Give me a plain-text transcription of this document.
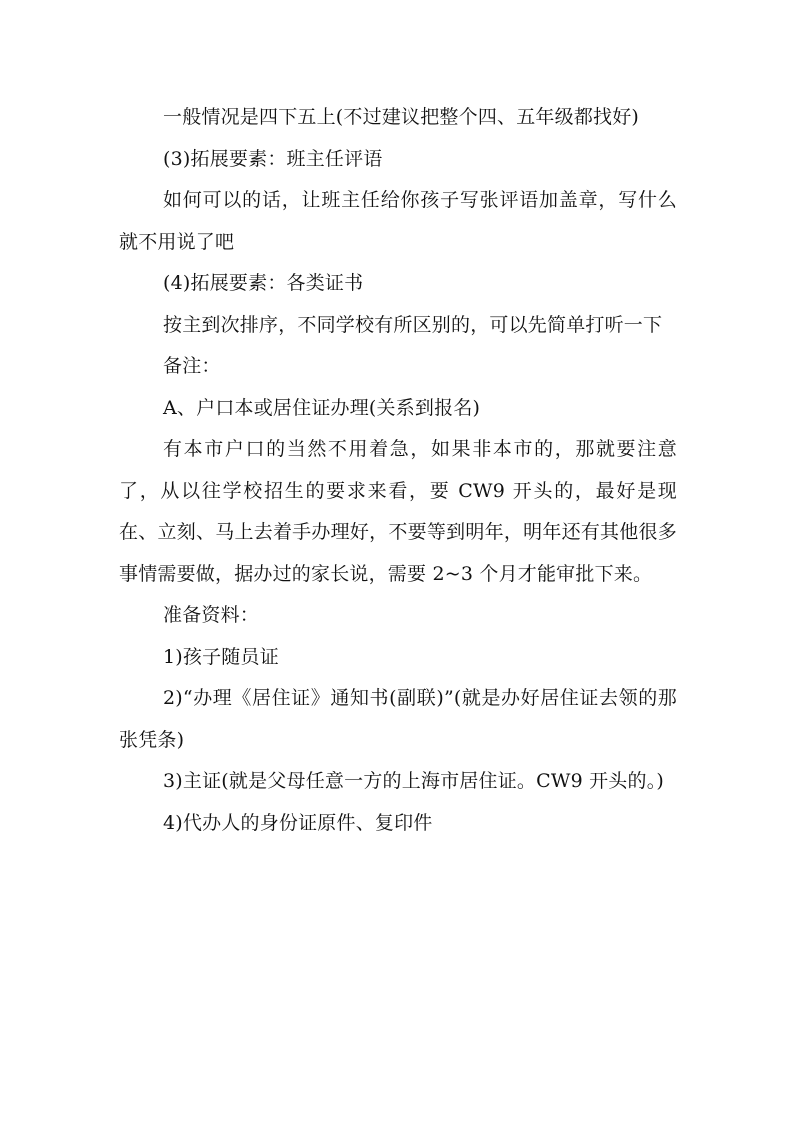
一般情况是四下五上(不过建议把整个四、五年级都找好)

(3)拓展要素：班主任评语

如何可以的话，让班主任给你孩子写张评语加盖章，写什么就不用说了吧

(4)拓展要素：各类证书

按主到次排序，不同学校有所区别的，可以先简单打听一下

备注：

A、户口本或居住证办理(关系到报名)

有本市户口的当然不用着急，如果非本市的，那就要注意了，从以往学校招生的要求来看，要 CW9 开头的，最好是现在、立刻、马上去着手办理好，不要等到明年，明年还有其他很多事情需要做，据办过的家长说，需要 2~3 个月才能审批下来。

准备资料：

1)孩子随员证

2)“办理《居住证》通知书(副联)”(就是办好居住证去领的那张凭条)

3)主证(就是父母任意一方的上海市居住证。CW9 开头的。)

4)代办人的身份证原件、复印件
